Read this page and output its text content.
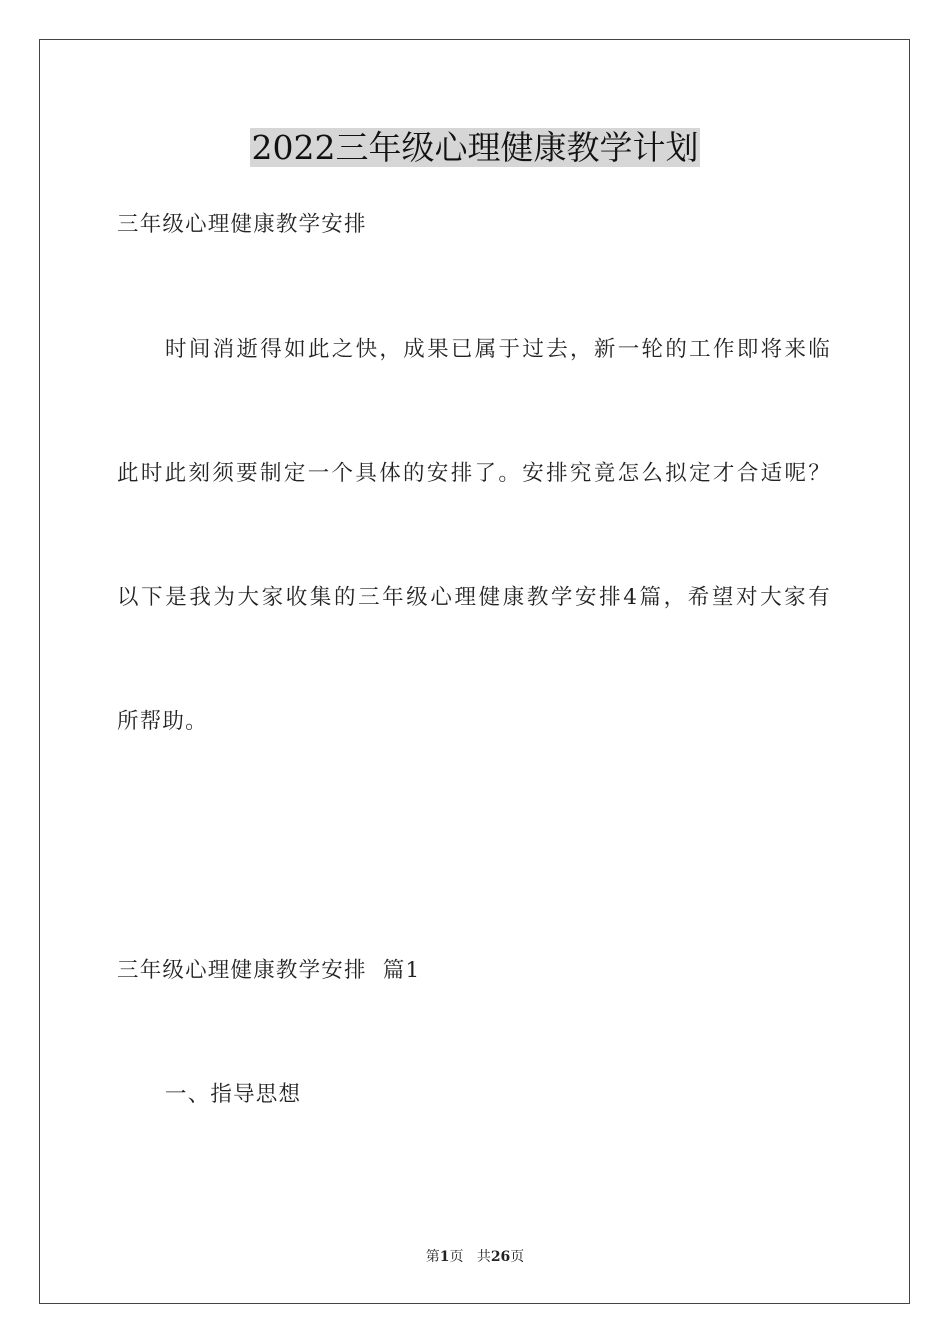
2022三年级心理健康教学计划

三年级心理健康教学安排

时间消逝得如此之快，成果已属于过去，新一轮的工作即将来临

此时此刻须要制定一个具体的安排了。安排究竟怎么拟定才合适呢？

以下是我为大家收集的三年级心理健康教学安排4篇，希望对大家有

所帮助。

三年级心理健康教学安排  篇1

一、指导思想

第1页 共26页
